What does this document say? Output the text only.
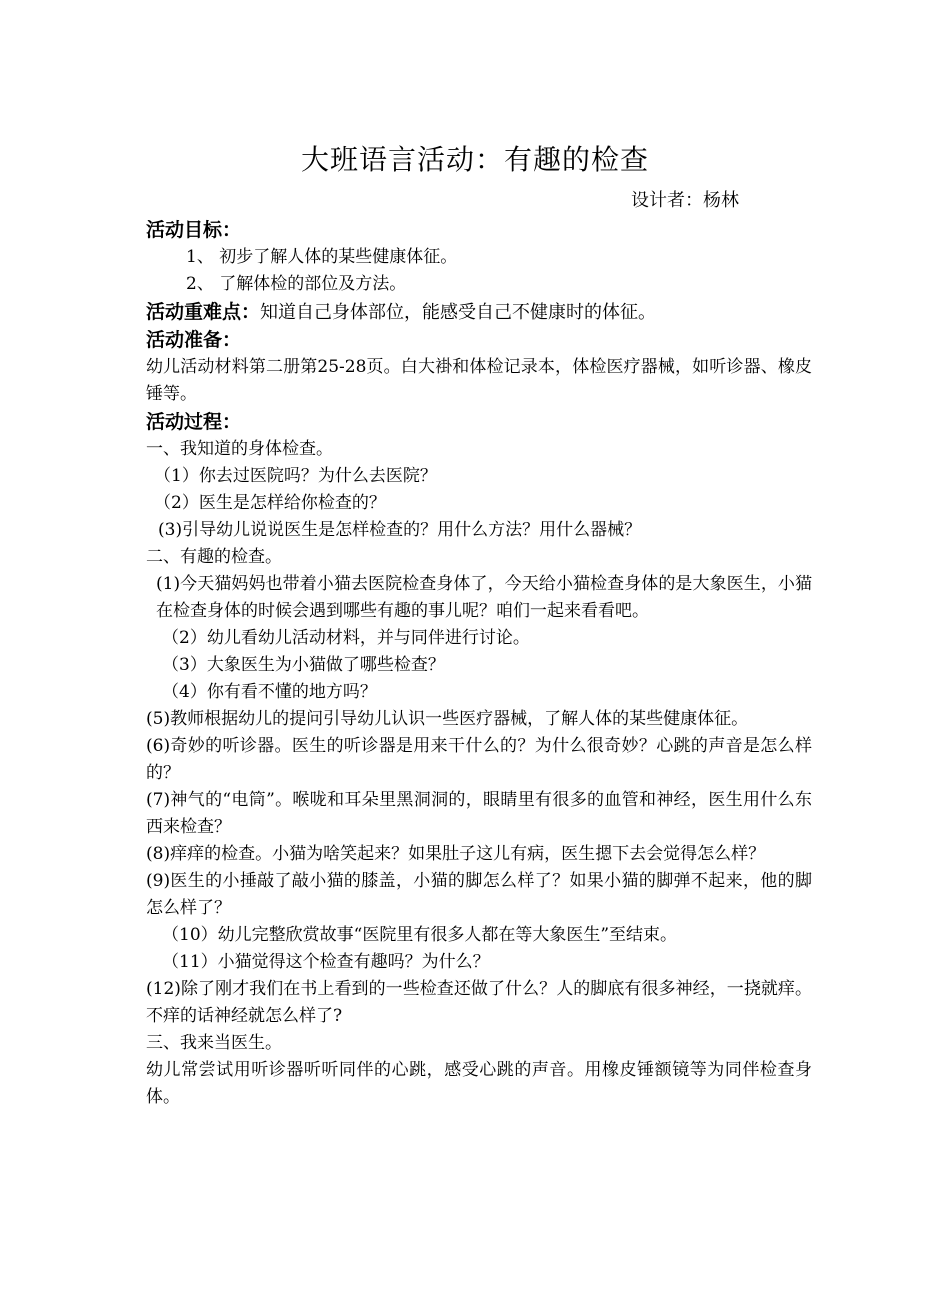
大班语言活动：有趣的检查
设计者：杨林
活动目标：
1、 初步了解人体的某些健康体征。
2、 了解体检的部位及方法。
活动重难点：知道自己身体部位，能感受自己不健康时的体征。
活动准备：
幼儿活动材料第二册第25-28页。白大褂和体检记录本，体检医疗器械，如听诊器、橡皮锤等。
活动过程：
一、我知道的身体检查。
（1）你去过医院吗？为什么去医院？
（2）医生是怎样给你检查的？
(3)引导幼儿说说医生是怎样检查的？用什么方法？用什么器械？
二、有趣的检查。
(1)今天猫妈妈也带着小猫去医院检查身体了，今天给小猫检查身体的是大象医生，小猫在检查身体的时候会遇到哪些有趣的事儿呢？咱们一起来看看吧。
（2）幼儿看幼儿活动材料，并与同伴进行讨论。
（3）大象医生为小猫做了哪些检查？
（4）你有看不懂的地方吗？
(5)教师根据幼儿的提问引导幼儿认识一些医疗器械，了解人体的某些健康体征。
(6)奇妙的听诊器。医生的听诊器是用来干什么的？为什么很奇妙？心跳的声音是怎么样的？
(7)神气的“电筒”。喉咙和耳朵里黑洞洞的，眼睛里有很多的血管和神经，医生用什么东西来检查？
(8)痒痒的检查。小猫为啥笑起来？如果肚子这儿有病，医生摁下去会觉得怎么样？
(9)医生的小捶敲了敲小猫的膝盖，小猫的脚怎么样了？如果小猫的脚弹不起来，他的脚怎么样了？
（10）幼儿完整欣赏故事“医院里有很多人都在等大象医生”至结束。
（11）小猫觉得这个检查有趣吗？为什么？
(12)除了刚才我们在书上看到的一些检查还做了什么？人的脚底有很多神经，一挠就痒。不痒的话神经就怎么样了?
三、我来当医生。
幼儿常尝试用听诊器听听同伴的心跳，感受心跳的声音。用橡皮锤额镜等为同伴检查身体。
